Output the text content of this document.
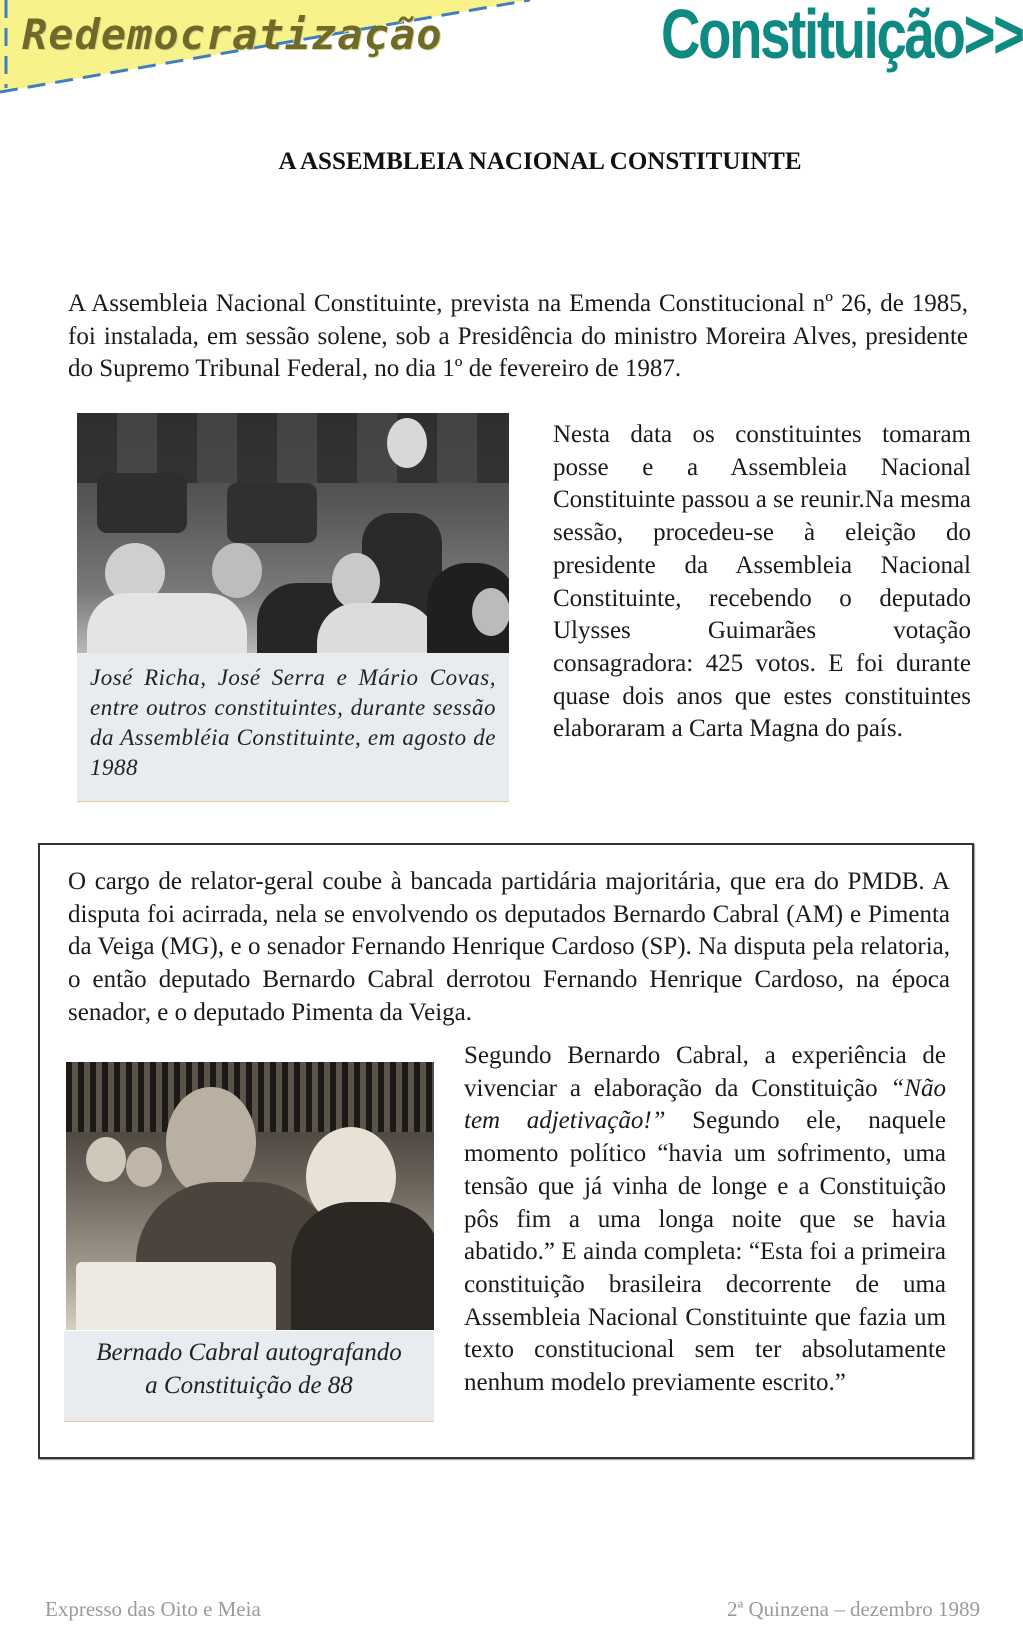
Redemocratização	Constituição>>
A ASSEMBLEIA NACIONAL CONSTITUINTE

A Assembleia Nacional Constituinte, prevista na Emenda Constitucional nº 26, de 1985, foi instalada, em sessão solene, sob a Presidência do ministro Moreira Alves, presidente do Supremo Tribunal Federal, no dia 1º de fevereiro de 1987.

José Richa, José Serra e Mário Covas, entre outros constituintes, durante sessão da Assembléia Constituinte, em agosto de 1988

Nesta data os constituintes tomaram posse e a Assembleia Nacional Constituinte passou a se reunir.Na mesma sessão, procedeu-se à eleição do presidente da Assembleia Nacional Constituinte, recebendo o deputado Ulysses Guimarães votação consagradora: 425 votos. E foi durante quase dois anos que estes constituintes elaboraram a Carta Magna do país.

O cargo de relator-geral coube à bancada partidária majoritária, que era do PMDB. A disputa foi acirrada, nela se envolvendo os deputados Bernardo Cabral (AM) e Pimenta da Veiga (MG), e o senador Fernando Henrique Cardoso (SP). Na disputa pela relatoria, o então deputado Bernardo Cabral derrotou Fernando Henrique Cardoso, na época senador, e o deputado Pimenta da Veiga.

Bernado Cabral autografando
a Constituição de 88

Segundo Bernardo Cabral, a experiência de vivenciar a elaboração da Constituição “Não tem adjetivação!” Segundo ele, naquele momento político “havia um sofrimento, uma tensão que já vinha de longe e a Constituição pôs fim a uma longa noite que se havia abatido.” E ainda completa: “Esta foi a primeira constituição brasileira decorrente de uma Assembleia Nacional Constituinte que fazia um texto constitucional sem ter absolutamente nenhum modelo previamente escrito.”

Expresso das Oito e Meia	2ª Quinzena – dezembro 1989
